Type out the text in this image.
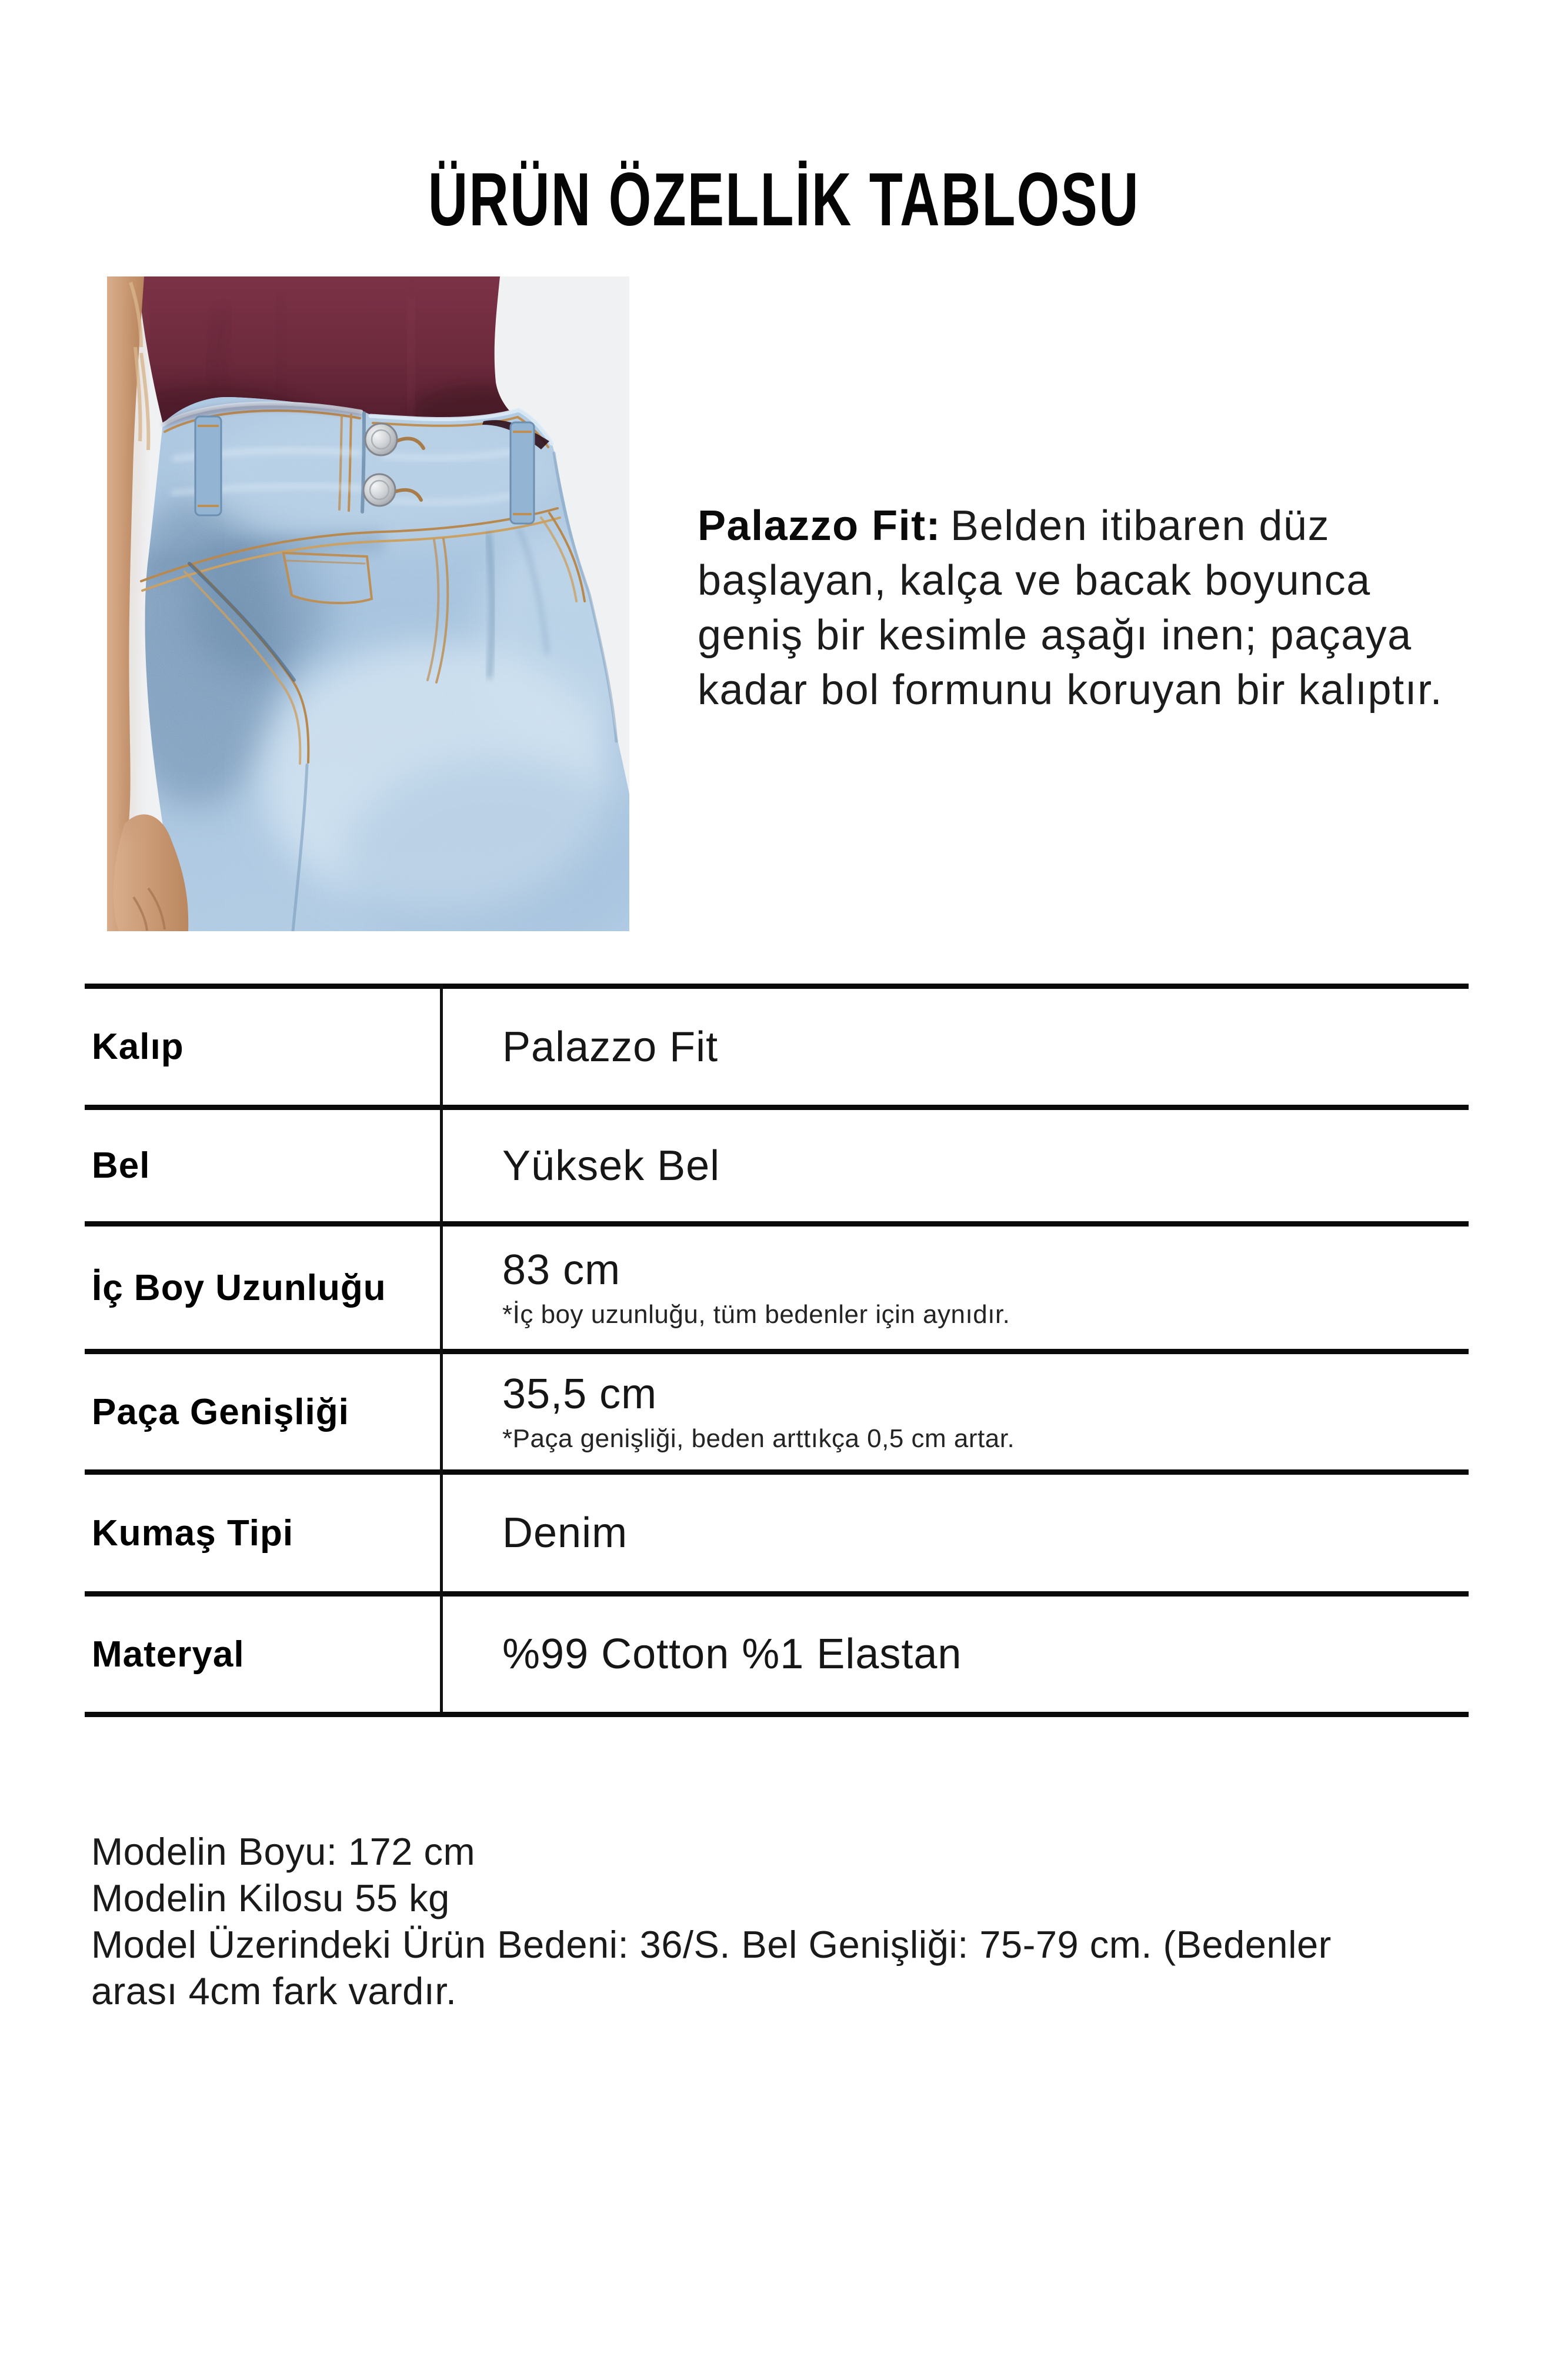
ÜRÜN ÖZELLİK TABLOSU

Palazzo Fit: Belden itibaren düz

başlayan, kalça ve bacak boyunca

geniş bir kesimle aşağı inen; paçaya

kadar bol formunu koruyan bir kalıptır.

Kalıp	Palazzo Fit
Bel	Yüksek Bel
İç Boy Uzunluğu	83 cm
*İç boy uzunluğu, tüm bedenler için aynıdır.
Paça Genişliği	35,5 cm
*Paça genişliği, beden arttıkça 0,5 cm artar.
Kumaş Tipi	Denim
Materyal	%99 Cotton %1 Elastan

Modelin Boyu: 172 cm

Modelin Kilosu 55 kg

Model Üzerindeki Ürün Bedeni: 36/S. Bel Genişliği: 75-79 cm. (Bedenler

arası 4cm fark vardır.
